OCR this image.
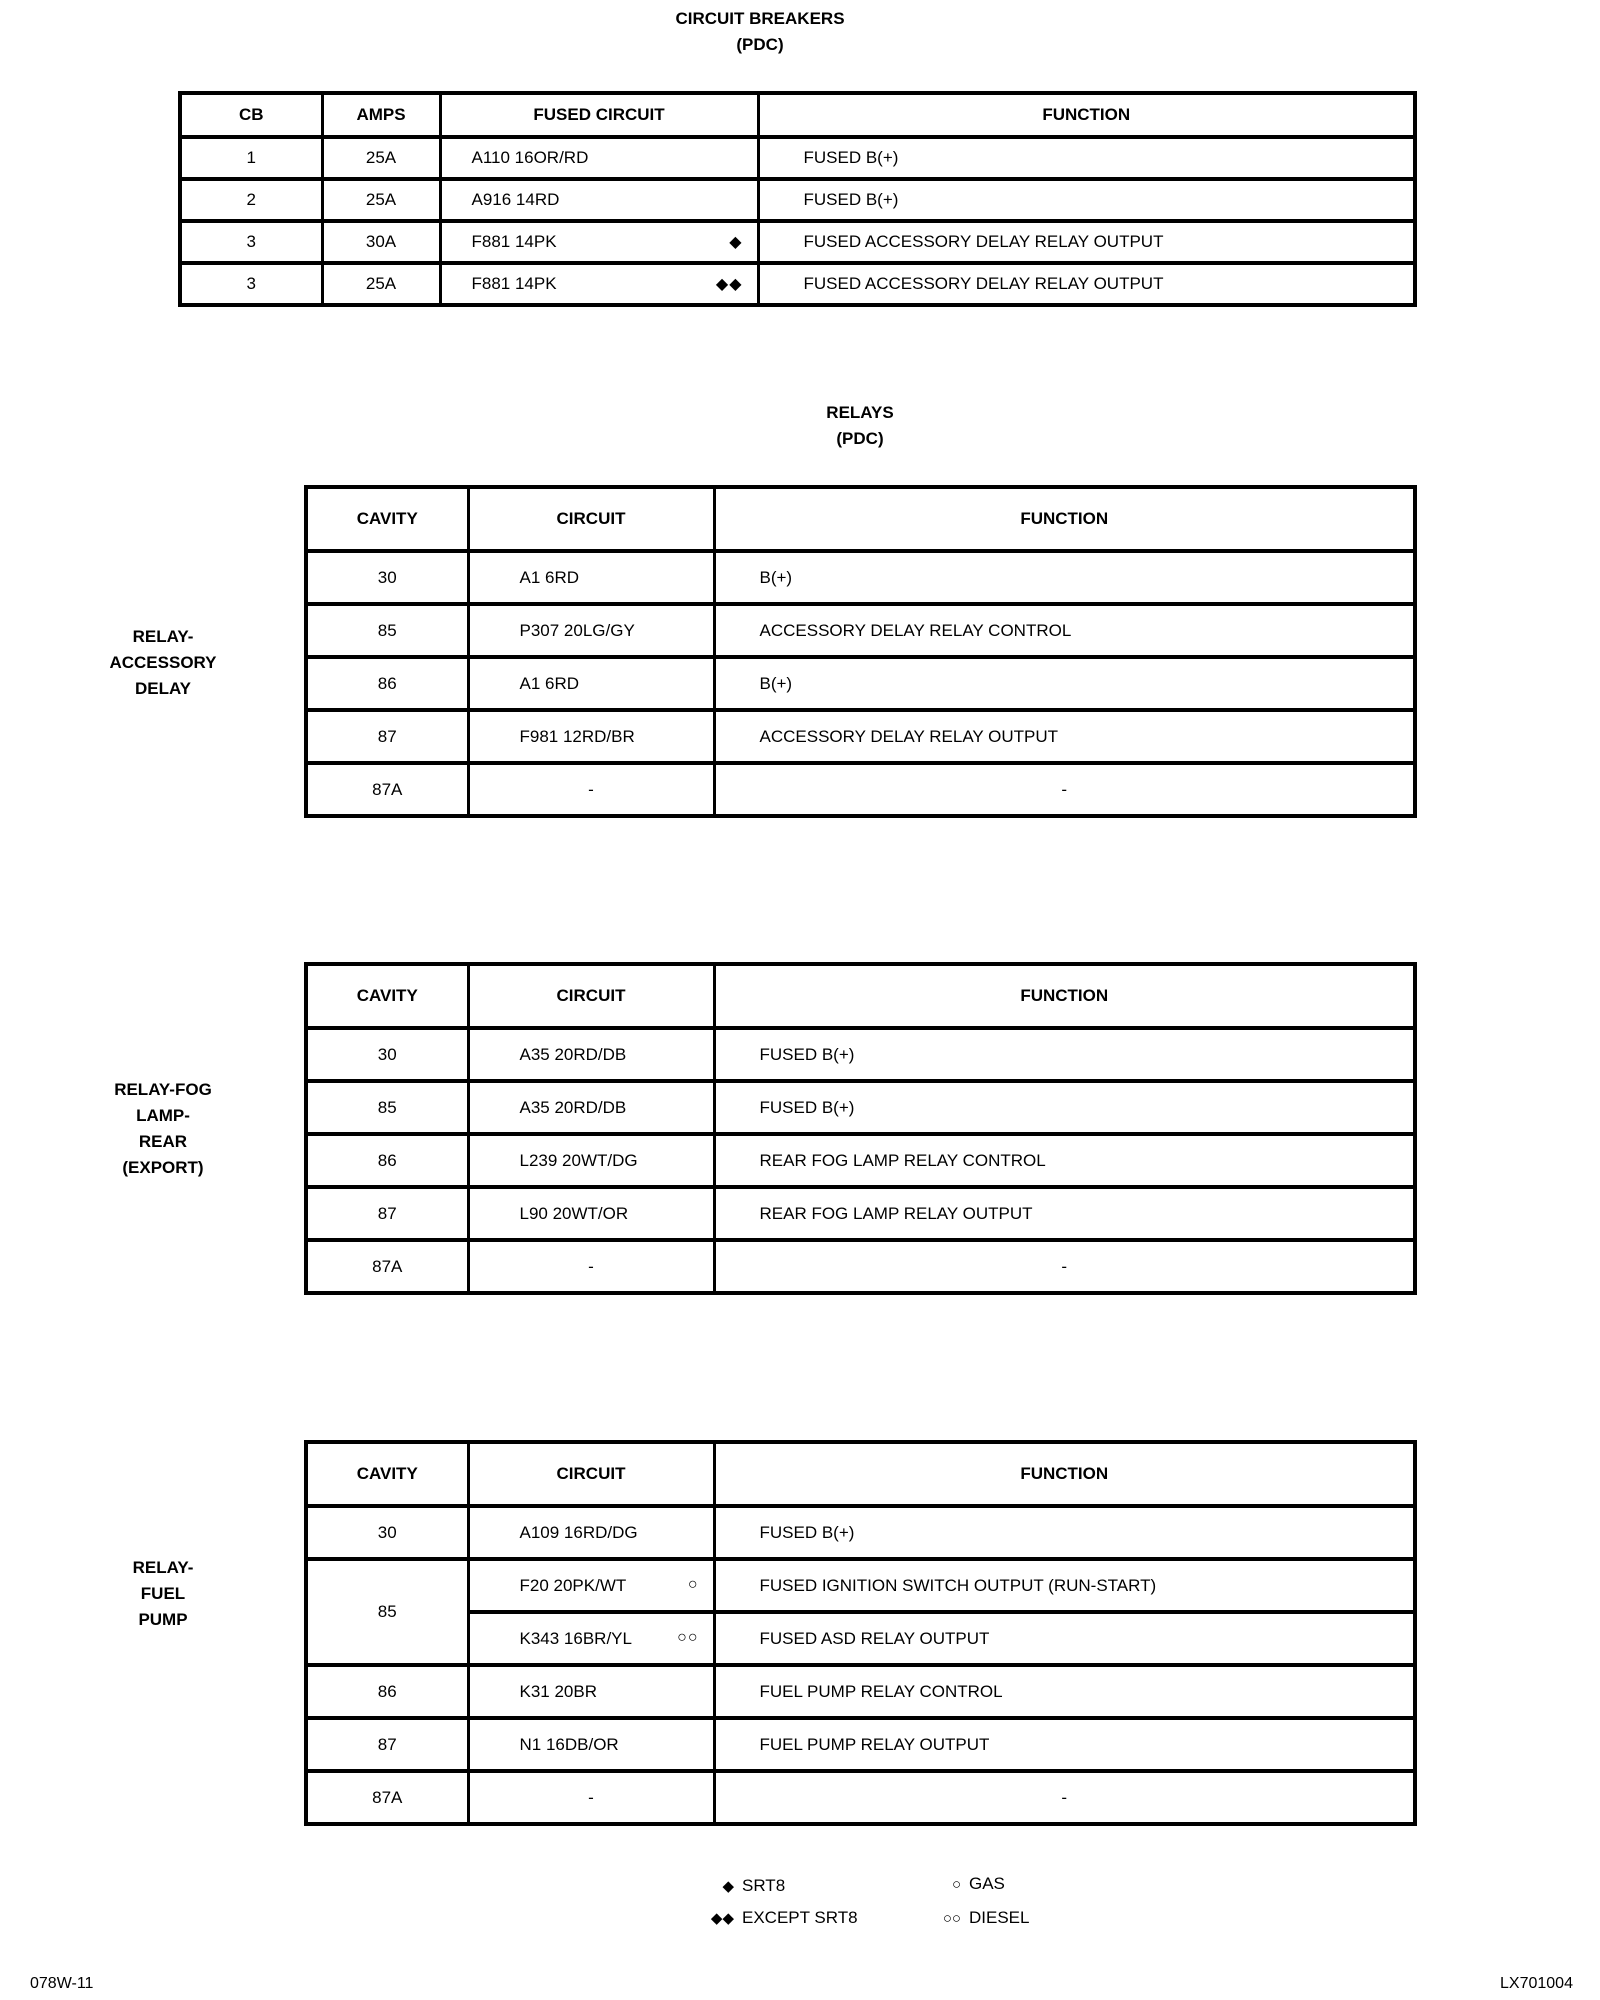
CIRCUIT BREAKERS
(PDC)
CB	AMPS	FUSED CIRCUIT	FUNCTION
1	25A	A110 16OR/RD	FUSED B(+)
2	25A	A916 14RD	FUSED B(+)
3	30A	F881 14PK ◆	FUSED ACCESSORY DELAY RELAY OUTPUT
3	25A	F881 14PK ◆◆	FUSED ACCESSORY DELAY RELAY OUTPUT
RELAYS
(PDC)
RELAY-
ACCESSORY
DELAY
CAVITY	CIRCUIT	FUNCTION
30	A1 6RD	B(+)
85	P307 20LG/GY	ACCESSORY DELAY RELAY CONTROL
86	A1 6RD	B(+)
87	F981 12RD/BR	ACCESSORY DELAY RELAY OUTPUT
87A	-	-
RELAY-FOG
LAMP-
REAR
(EXPORT)
CAVITY	CIRCUIT	FUNCTION
30	A35 20RD/DB	FUSED B(+)
85	A35 20RD/DB	FUSED B(+)
86	L239 20WT/DG	REAR FOG LAMP RELAY CONTROL
87	L90 20WT/OR	REAR FOG LAMP RELAY OUTPUT
87A	-	-
RELAY-
FUEL
PUMP
CAVITY	CIRCUIT	FUNCTION
30	A109 16RD/DG	FUSED B(+)
85	F20 20PK/WT ○	FUSED IGNITION SWITCH OUTPUT (RUN-START)
	K343 16BR/YL ○○	FUSED ASD RELAY OUTPUT
86	K31 20BR	FUEL PUMP RELAY CONTROL
87	N1 16DB/OR	FUEL PUMP RELAY OUTPUT
87A	-	-
◆ SRT8
◆◆ EXCEPT SRT8
○ GAS
○○ DIESEL
078W-11	LX701004
